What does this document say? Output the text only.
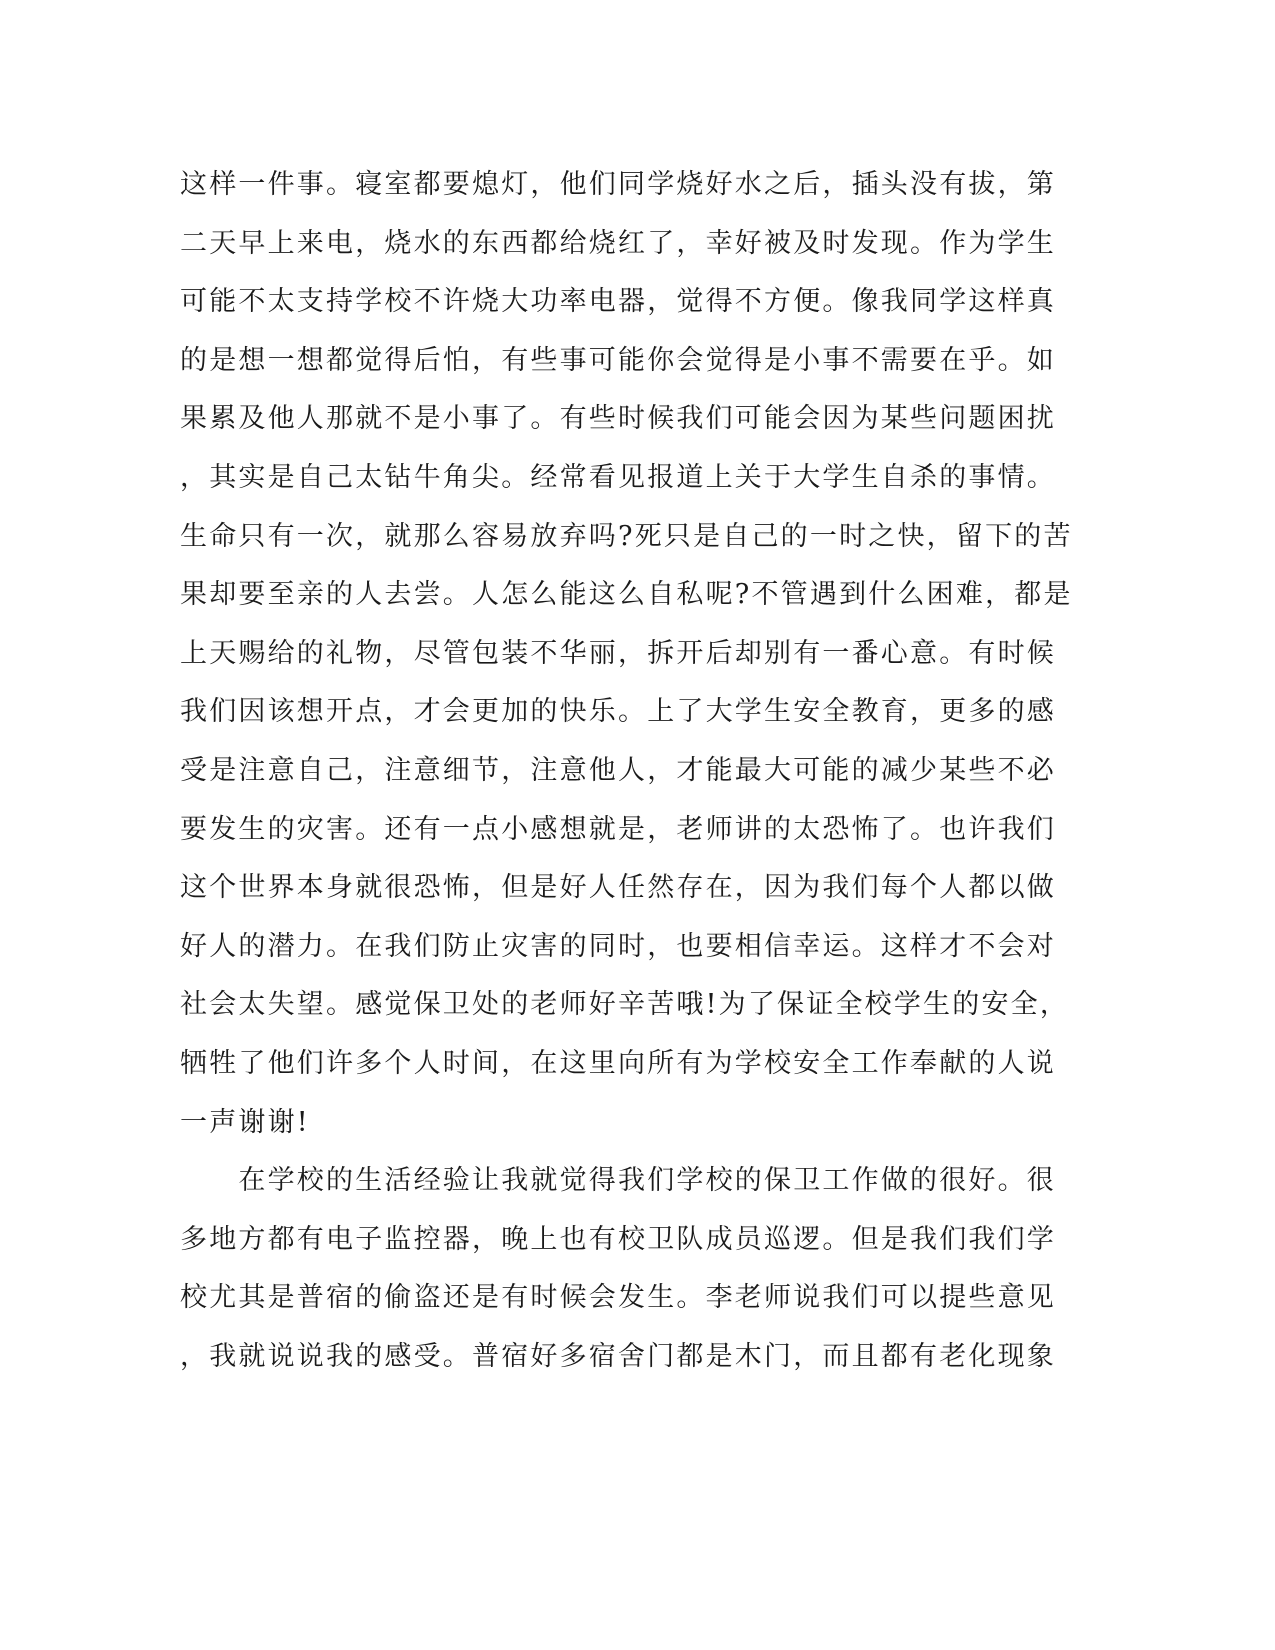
这样一件事。寝室都要熄灯，他们同学烧好水之后，插头没有拔，第
二天早上来电，烧水的东西都给烧红了，幸好被及时发现。作为学生
可能不太支持学校不许烧大功率电器，觉得不方便。像我同学这样真
的是想一想都觉得后怕，有些事可能你会觉得是小事不需要在乎。如
果累及他人那就不是小事了。有些时候我们可能会因为某些问题困扰
，其实是自己太钻牛角尖。经常看见报道上关于大学生自杀的事情。
生命只有一次，就那么容易放弃吗?死只是自己的一时之快，留下的苦
果却要至亲的人去尝。人怎么能这么自私呢?不管遇到什么困难，都是
上天赐给的礼物，尽管包装不华丽，拆开后却别有一番心意。有时候
我们因该想开点，才会更加的快乐。上了大学生安全教育，更多的感
受是注意自己，注意细节，注意他人，才能最大可能的减少某些不必
要发生的灾害。还有一点小感想就是，老师讲的太恐怖了。也许我们
这个世界本身就很恐怖，但是好人任然存在，因为我们每个人都以做
好人的潜力。在我们防止灾害的同时，也要相信幸运。这样才不会对
社会太失望。感觉保卫处的老师好辛苦哦!为了保证全校学生的安全，
牺牲了他们许多个人时间，在这里向所有为学校安全工作奉献的人说
一声谢谢!
　　在学校的生活经验让我就觉得我们学校的保卫工作做的很好。很
多地方都有电子监控器，晚上也有校卫队成员巡逻。但是我们我们学
校尤其是普宿的偷盗还是有时候会发生。李老师说我们可以提些意见
，我就说说我的感受。普宿好多宿舍门都是木门，而且都有老化现象
